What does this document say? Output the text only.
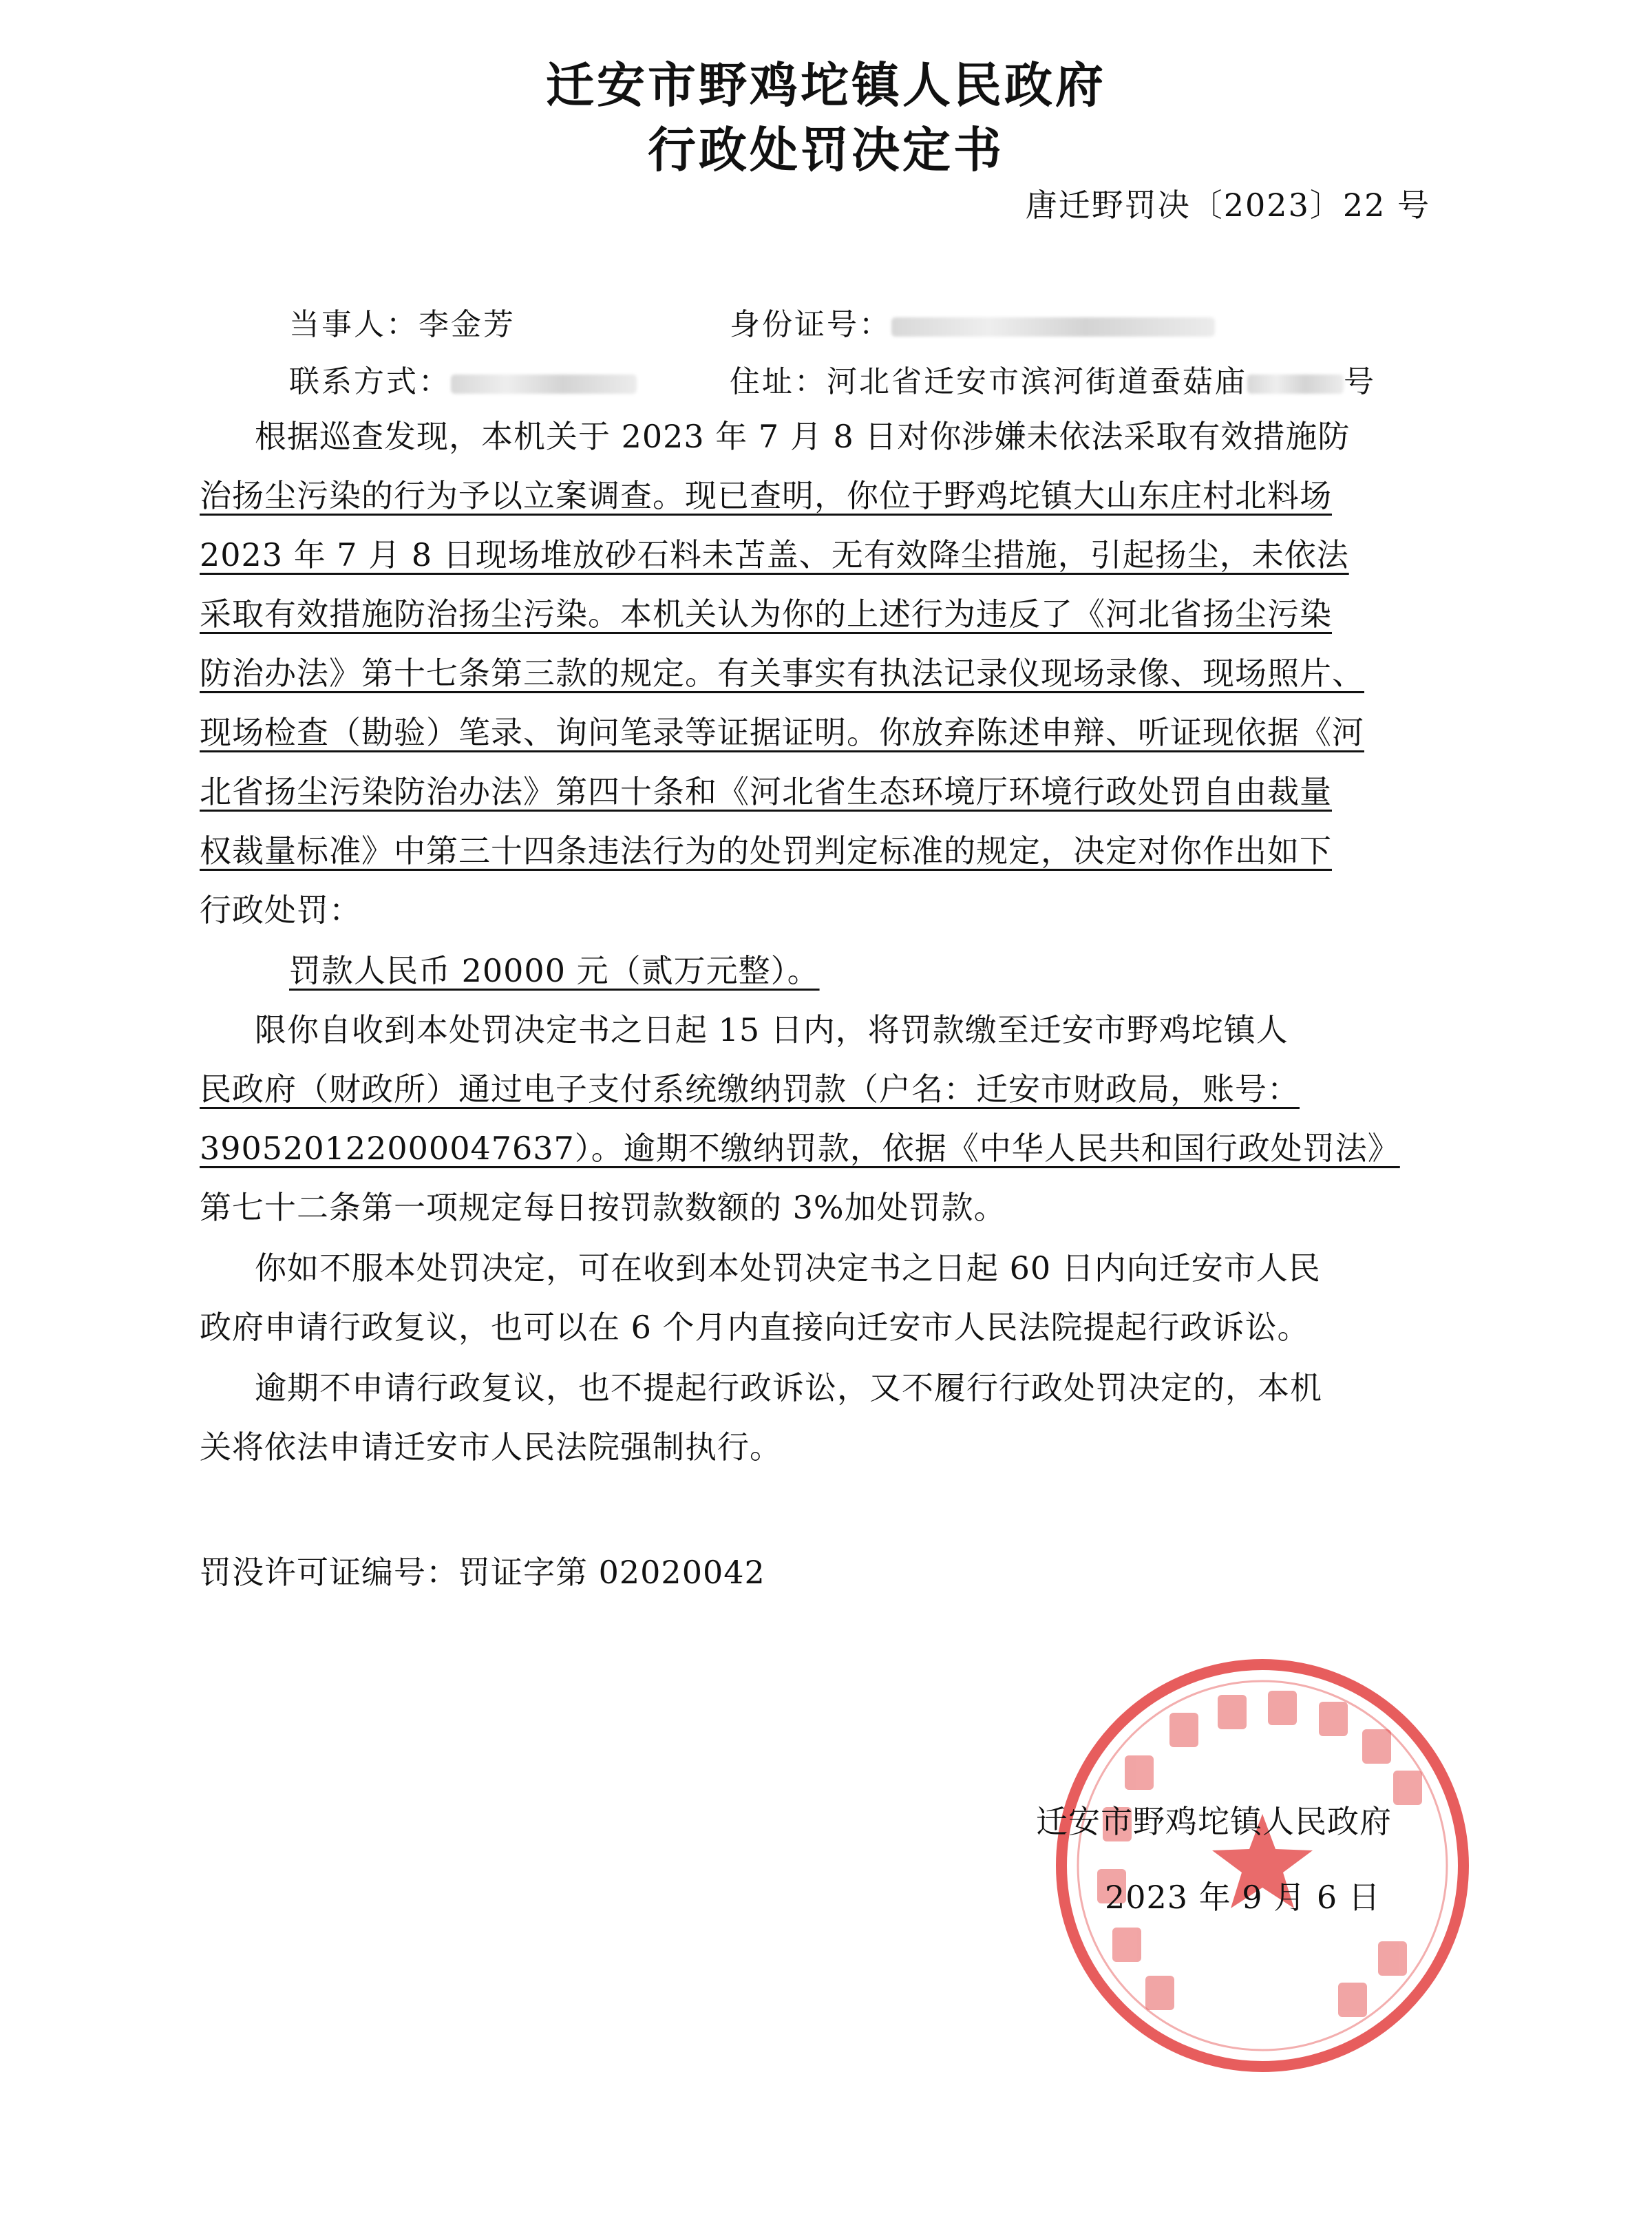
迁安市野鸡坨镇人民政府
行政处罚决定书
唐迁野罚决〔2023〕22 号
当事人：李金芳	身份证号：
联系方式：	住址：河北省迁安市滨河街道蚕菇庙	号
根据巡查发现，本机关于 2023 年 7 月 8 日对你涉嫌未依法采取有效措施防
治扬尘污染的行为予以立案调查。现已查明，你位于野鸡坨镇大山东庄村北料场
2023 年 7 月 8 日现场堆放砂石料未苫盖、无有效降尘措施，引起扬尘，未依法
采取有效措施防治扬尘污染。本机关认为你的上述行为违反了《河北省扬尘污染
防治办法》第十七条第三款的规定。有关事实有执法记录仪现场录像、现场照片、
现场检查（勘验）笔录、询问笔录等证据证明。你放弃陈述申辩、听证现依据《河
北省扬尘污染防治办法》第四十条和《河北省生态环境厅环境行政处罚自由裁量
权裁量标准》中第三十四条违法行为的处罚判定标准的规定，决定对你作出如下
行政处罚：
罚款人民币 20000 元（贰万元整）。
限你自收到本处罚决定书之日起 15 日内，将罚款缴至迁安市野鸡坨镇人
民政府（财政所）通过电子支付系统缴纳罚款（户名：迁安市财政局，账号：
390520122000047637）。逾期不缴纳罚款，依据《中华人民共和国行政处罚法》
第七十二条第一项规定每日按罚款数额的 3%加处罚款。
你如不服本处罚决定，可在收到本处罚决定书之日起 60 日内向迁安市人民
政府申请行政复议，也可以在 6 个月内直接向迁安市人民法院提起行政诉讼。
逾期不申请行政复议，也不提起行政诉讼，又不履行行政处罚决定的，本机
关将依法申请迁安市人民法院强制执行。
罚没许可证编号：罚证字第 02020042
迁安市野鸡坨镇人民政府
2023 年 9 月 6 日
